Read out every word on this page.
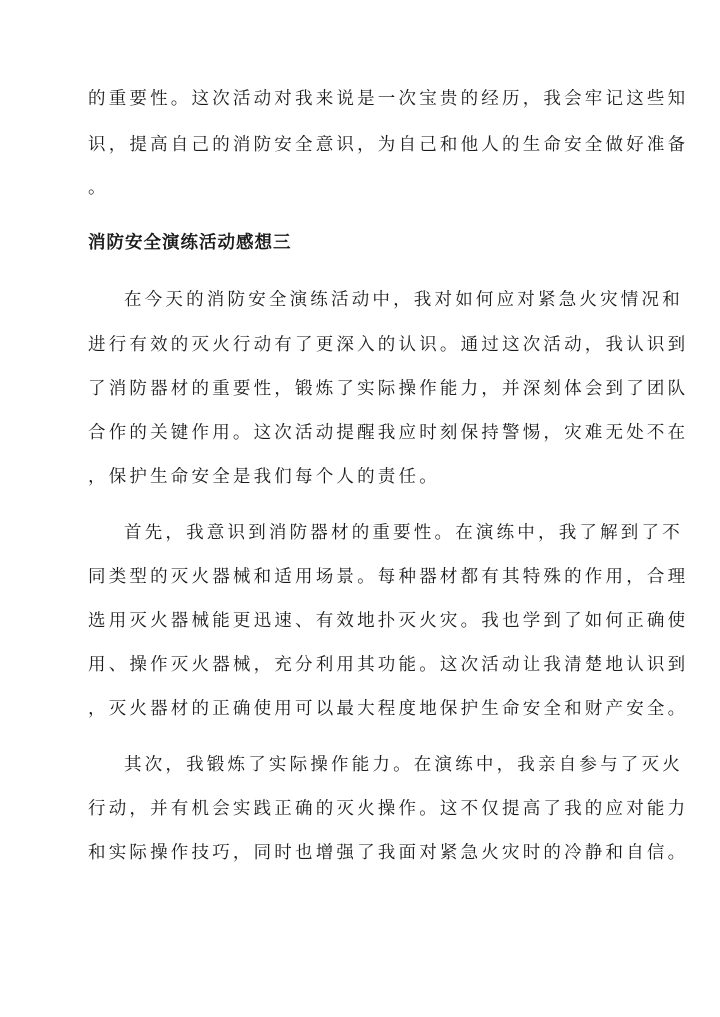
的重要性。这次活动对我来说是一次宝贵的经历，我会牢记这些知
识，提高自己的消防安全意识，为自己和他人的生命安全做好准备
。
消防安全演练活动感想三
在今天的消防安全演练活动中，我对如何应对紧急火灾情况和
进行有效的灭火行动有了更深入的认识。通过这次活动，我认识到
了消防器材的重要性，锻炼了实际操作能力，并深刻体会到了团队
合作的关键作用。这次活动提醒我应时刻保持警惕，灾难无处不在
，保护生命安全是我们每个人的责任。
首先，我意识到消防器材的重要性。在演练中，我了解到了不
同类型的灭火器械和适用场景。每种器材都有其特殊的作用，合理
选用灭火器械能更迅速、有效地扑灭火灾。我也学到了如何正确使
用、操作灭火器械，充分利用其功能。这次活动让我清楚地认识到
，灭火器材的正确使用可以最大程度地保护生命安全和财产安全。
其次，我锻炼了实际操作能力。在演练中，我亲自参与了灭火
行动，并有机会实践正确的灭火操作。这不仅提高了我的应对能力
和实际操作技巧，同时也增强了我面对紧急火灾时的冷静和自信。
